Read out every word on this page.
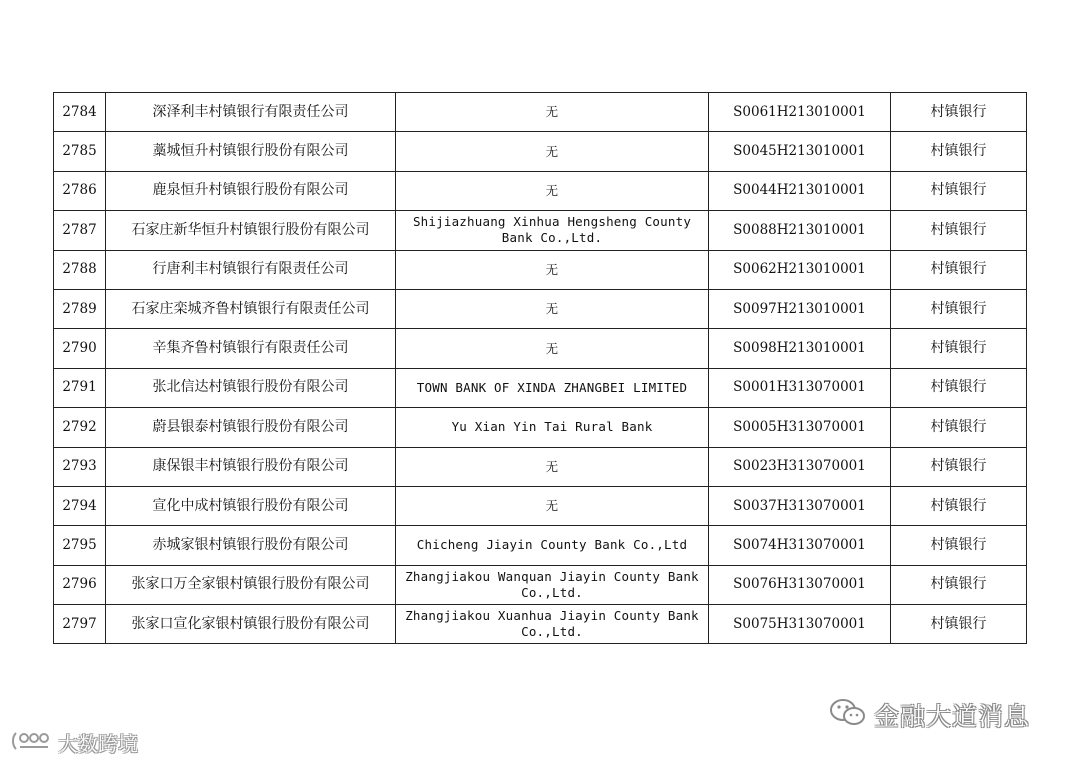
2784	深泽利丰村镇银行有限责任公司	无	S0061H213010001	村镇银行
2785	藁城恒升村镇银行股份有限公司	无	S0045H213010001	村镇银行
2786	鹿泉恒升村镇银行股份有限公司	无	S0044H213010001	村镇银行
2787	石家庄新华恒升村镇银行股份有限公司	Shijiazhuang Xinhua Hengsheng County Bank Co.,Ltd.	S0088H213010001	村镇银行
2788	行唐利丰村镇银行有限责任公司	无	S0062H213010001	村镇银行
2789	石家庄栾城齐鲁村镇银行有限责任公司	无	S0097H213010001	村镇银行
2790	辛集齐鲁村镇银行有限责任公司	无	S0098H213010001	村镇银行
2791	张北信达村镇银行股份有限公司	TOWN BANK OF XINDA ZHANGBEI LIMITED	S0001H313070001	村镇银行
2792	蔚县银泰村镇银行股份有限公司	Yu Xian Yin Tai Rural Bank	S0005H313070001	村镇银行
2793	康保银丰村镇银行股份有限公司	无	S0023H313070001	村镇银行
2794	宣化中成村镇银行股份有限公司	无	S0037H313070001	村镇银行
2795	赤城家银村镇银行股份有限公司	Chicheng Jiayin County Bank Co.,Ltd	S0074H313070001	村镇银行
2796	张家口万全家银村镇银行股份有限公司	Zhangjiakou Wanquan Jiayin County Bank Co.,Ltd.	S0076H313070001	村镇银行
2797	张家口宣化家银村镇银行股份有限公司	Zhangjiakou Xuanhua Jiayin County Bank Co.,Ltd.	S0075H313070001	村镇银行
金融大道消息
大数跨境
